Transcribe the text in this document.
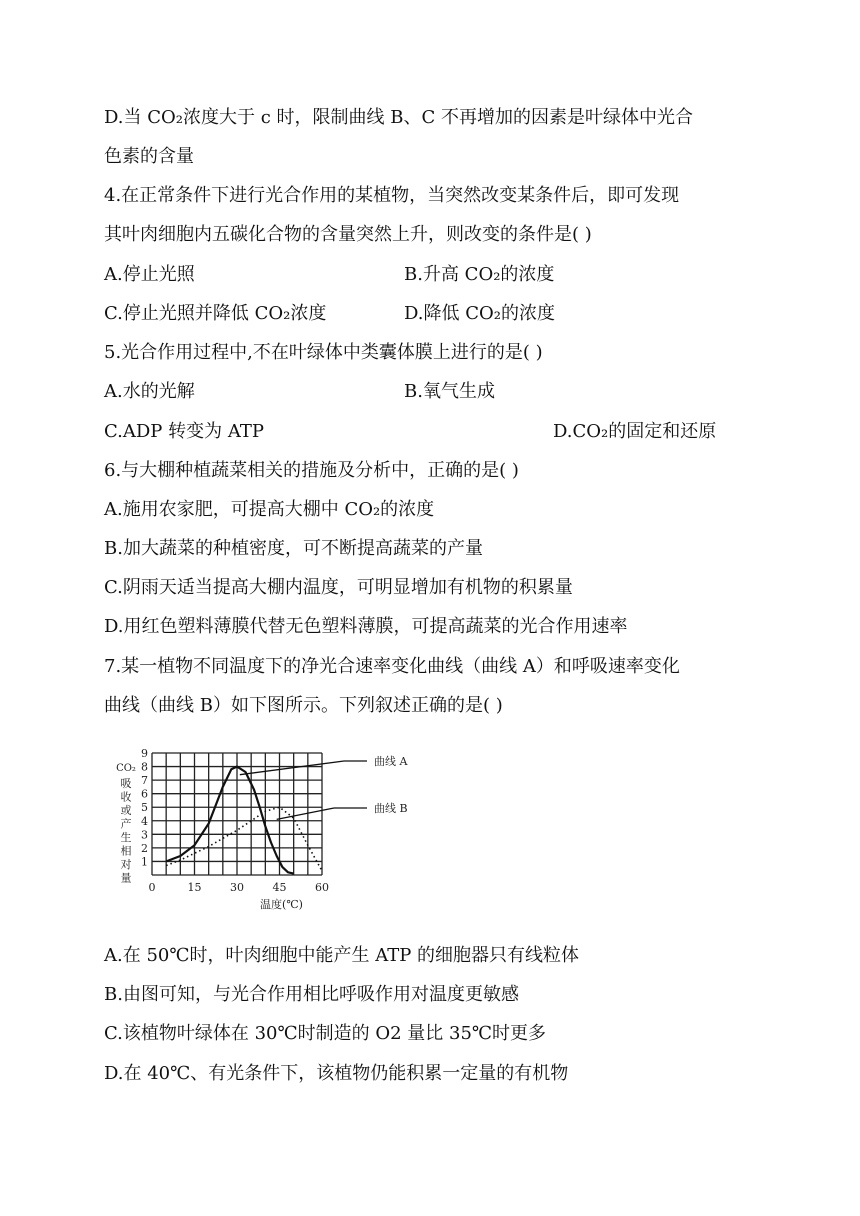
D.当 CO₂浓度大于 c 时，限制曲线 B、C 不再增加的因素是叶绿体中光合
色素的含量
4.在正常条件下进行光合作用的某植物，当突然改变某条件后，即可发现
其叶肉细胞内五碳化合物的含量突然上升，则改变的条件是( )
A.停止光照	B.升高 CO₂的浓度
C.停止光照并降低 CO₂浓度	D.降低 CO₂的浓度
5.光合作用过程中,不在叶绿体中类囊体膜上进行的是( )
A.水的光解	B.氧气生成
C.ADP 转变为 ATP	D.CO₂的固定和还原
6.与大棚种植蔬菜相关的措施及分析中，正确的是( )
A.施用农家肥，可提高大棚中 CO₂的浓度
B.加大蔬菜的种植密度，可不断提高蔬菜的产量
C.阴雨天适当提高大棚内温度，可明显增加有机物的积累量
D.用红色塑料薄膜代替无色塑料薄膜，可提高蔬菜的光合作用速率
7.某一植物不同温度下的净光合速率变化曲线（曲线 A）和呼吸速率变化
曲线（曲线 B）如下图所示。下列叙述正确的是( )
1
2
3
4
5
6
7
8
9
0	15	30	45	60
CO₂
吸
收
或
产
生
相
对
量
温度(℃)
曲线 A
曲线 B
A.在 50℃时，叶肉细胞中能产生 ATP 的细胞器只有线粒体
B.由图可知，与光合作用相比呼吸作用对温度更敏感
C.该植物叶绿体在 30℃时制造的 O2 量比 35℃时更多
D.在 40℃、有光条件下，该植物仍能积累一定量的有机物
